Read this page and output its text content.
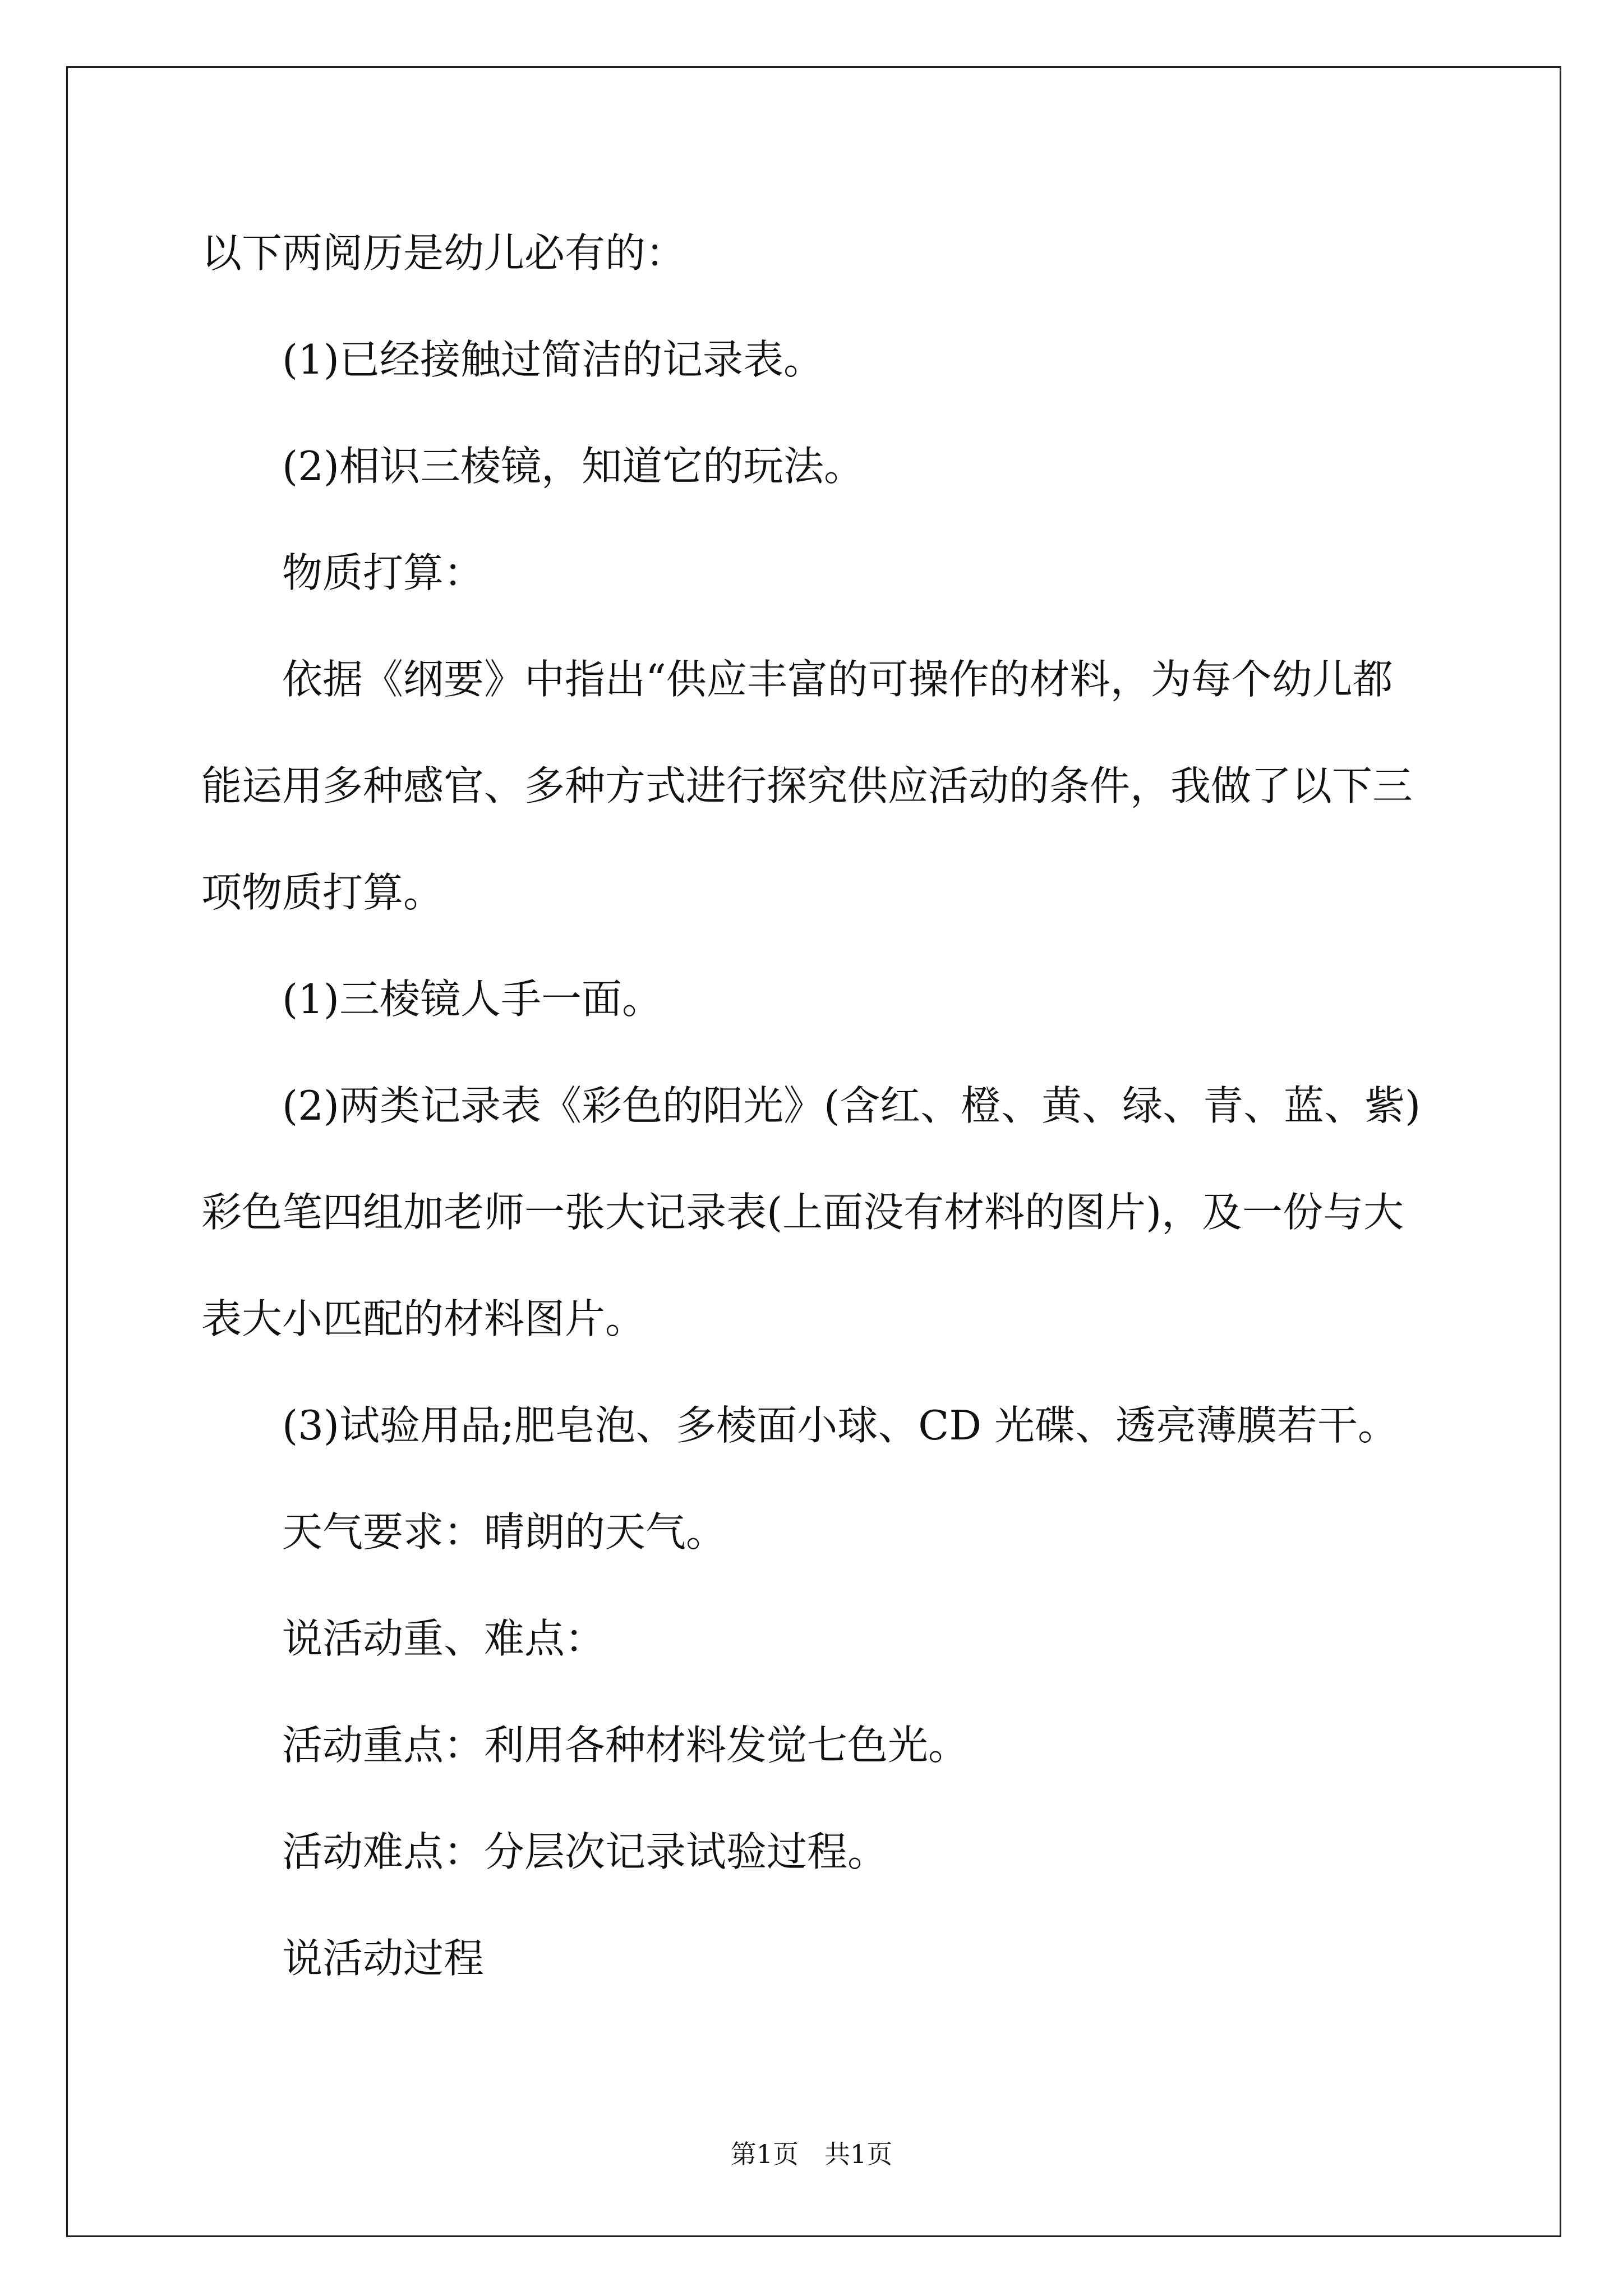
以下两阅历是幼儿必有的：
(1)已经接触过简洁的记录表。
(2)相识三棱镜，知道它的玩法。
物质打算：
依据《纲要》中指出“供应丰富的可操作的材料，为每个幼儿都
能运用多种感官、多种方式进行探究供应活动的条件，我做了以下三
项物质打算。
(1)三棱镜人手一面。
(2)两类记录表《彩色的阳光》(含红、橙、黄、绿、青、蓝、紫)
彩色笔四组加老师一张大记录表(上面没有材料的图片)，及一份与大
表大小匹配的材料图片。
(3)试验用品;肥皂泡、多棱面小球、CD 光碟、透亮薄膜若干。
天气要求：晴朗的天气。
说活动重、难点：
活动重点：利用各种材料发觉七色光。
活动难点：分层次记录试验过程。
说活动过程
第1页　共1页
